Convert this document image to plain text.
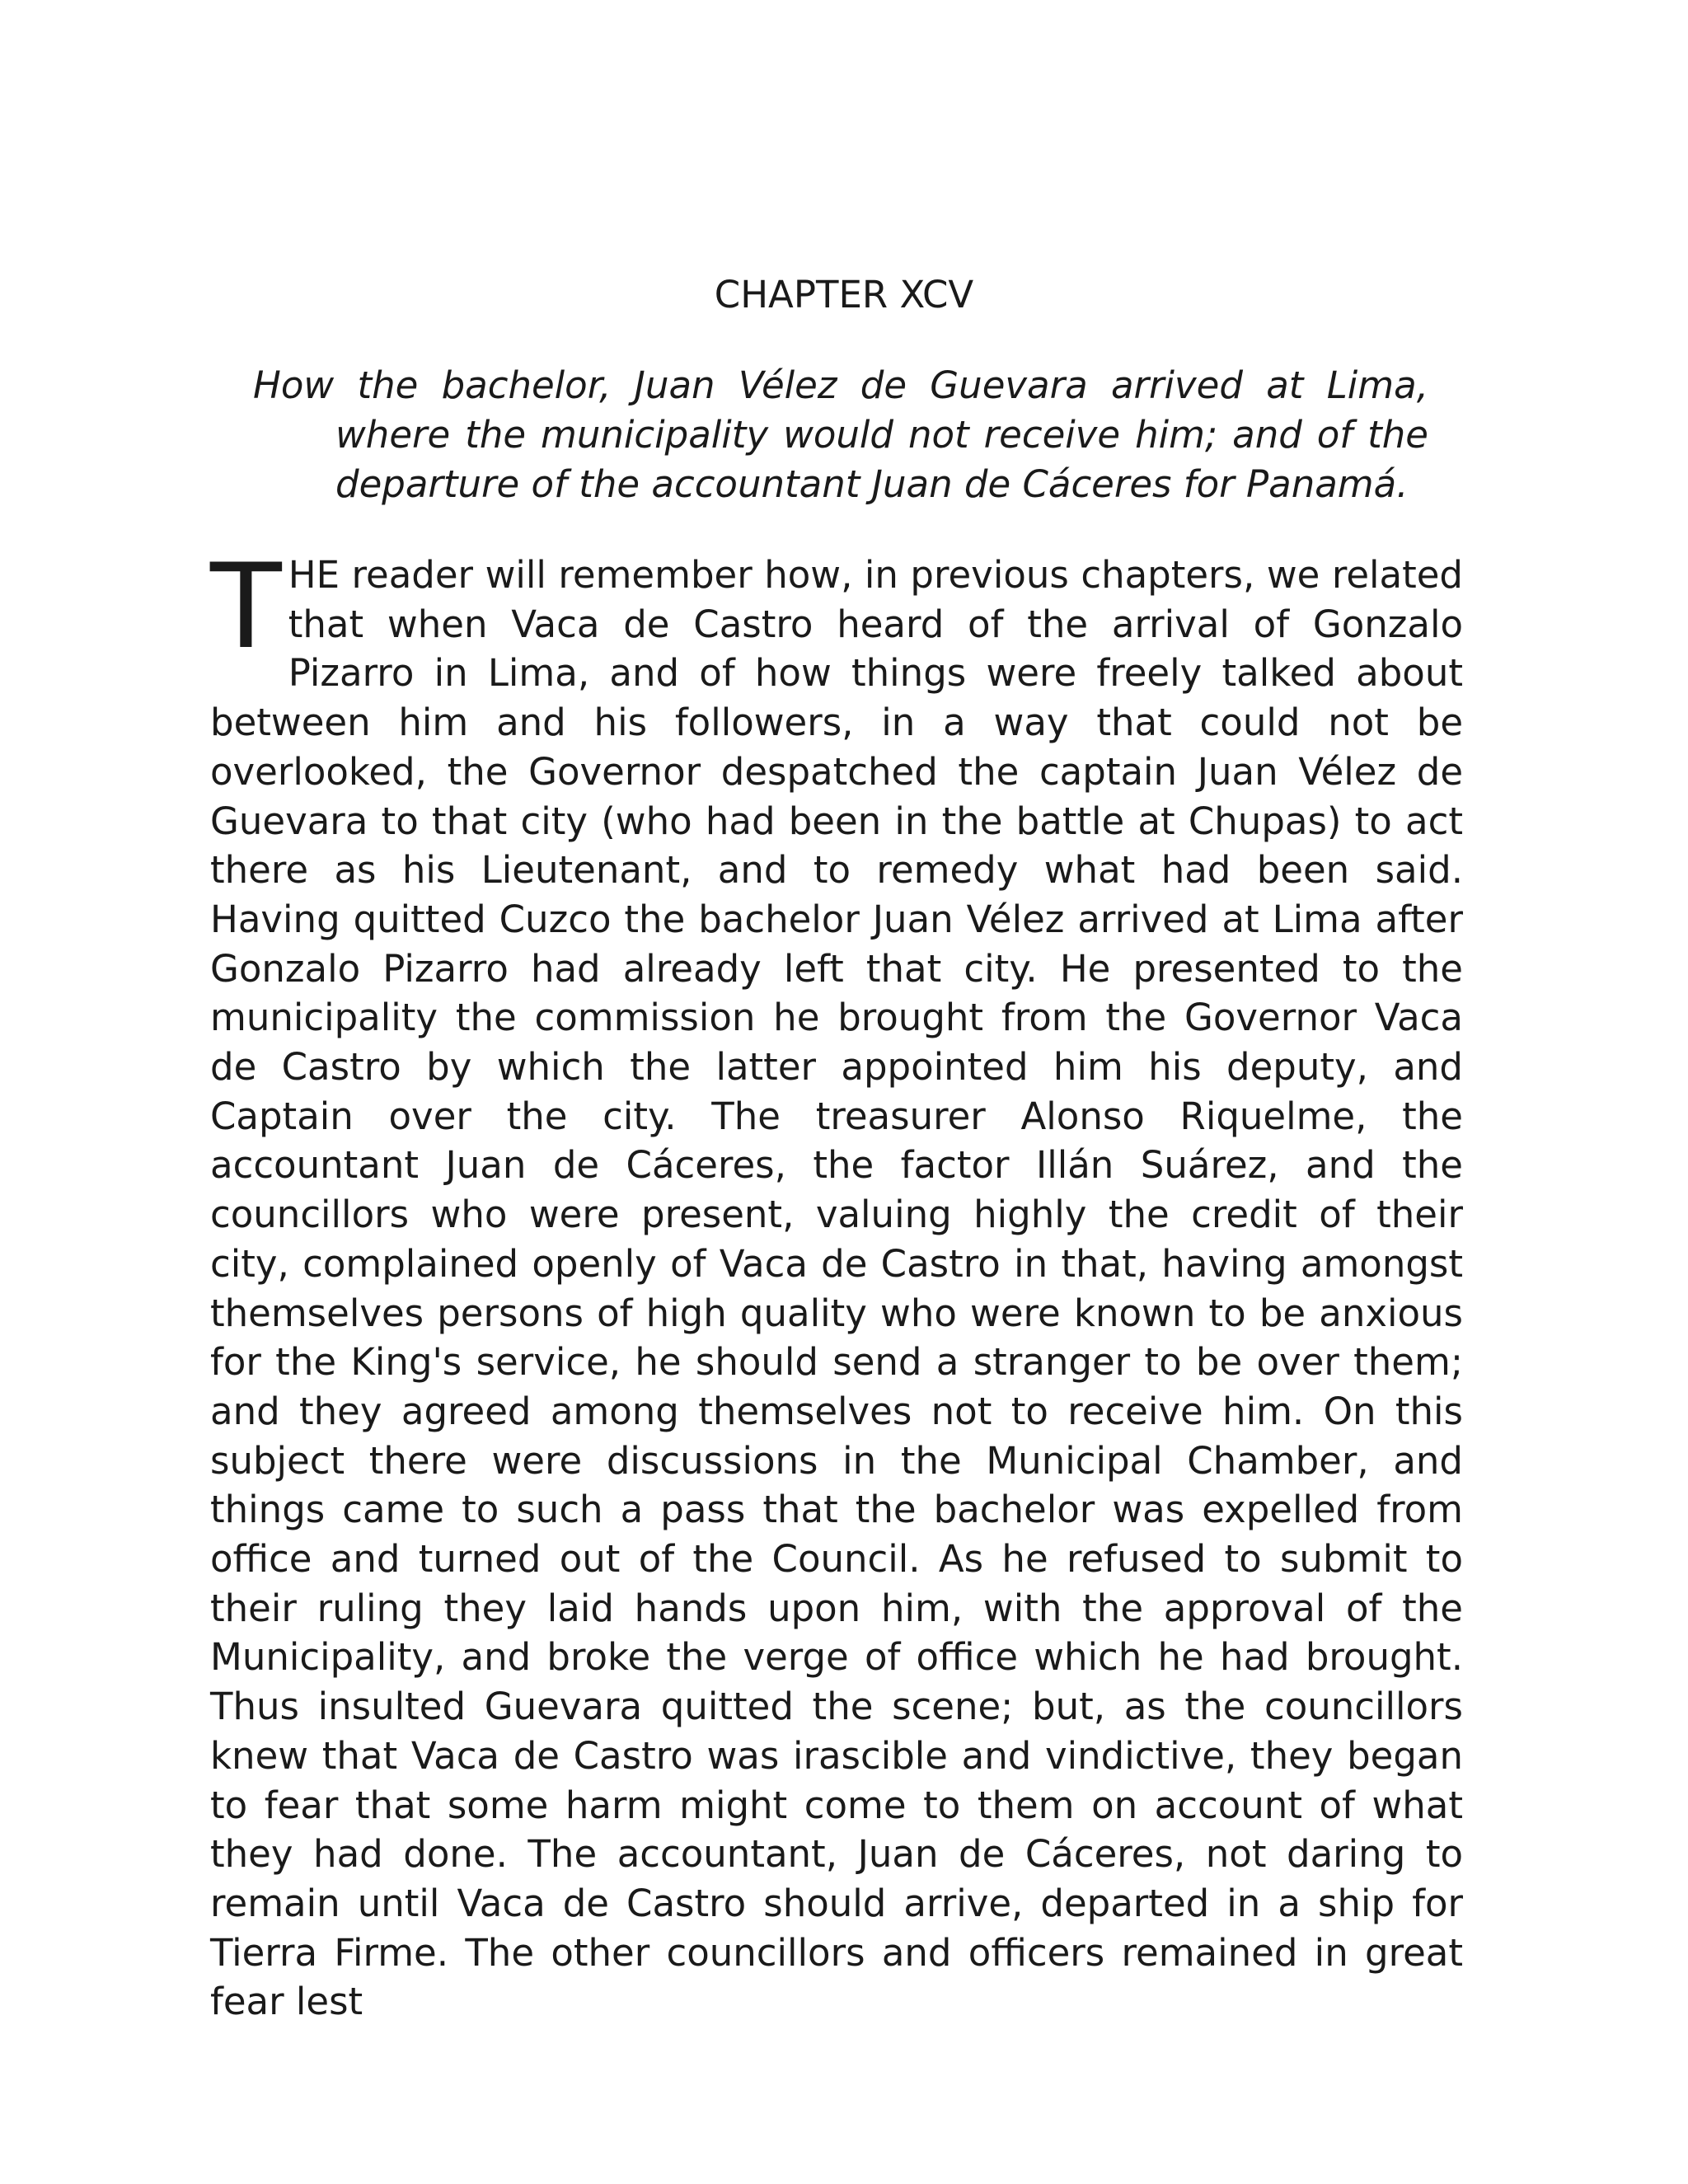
CHAPTER XCV

How the bachelor, Juan Vélez de Guevara arrived at Lima, where the municipality would not receive him; and of the departure of the accountant Juan de Cáceres for Panamá.

THE reader will remember how, in previous chapters, we related that when Vaca de Castro heard of the arrival of Gonzalo Pizarro in Lima, and of how things were freely talked about between him and his followers, in a way that could not be overlooked, the Governor despatched the captain Juan Vélez de Guevara to that city (who had been in the battle at Chupas) to act there as his Lieutenant, and to remedy what had been said. Having quitted Cuzco the bachelor Juan Vélez arrived at Lima after Gonzalo Pizarro had already left that city. He presented to the municipality the commission he brought from the Governor Vaca de Castro by which the latter appointed him his deputy, and Captain over the city. The treasurer Alonso Riquelme, the accountant Juan de Cáceres, the factor Illán Suárez, and the councillors who were present, valuing highly the credit of their city, complained openly of Vaca de Castro in that, having amongst themselves persons of high quality who were known to be anxious for the King's service, he should send a stranger to be over them; and they agreed among themselves not to receive him. On this subject there were discussions in the Municipal Chamber, and things came to such a pass that the bachelor was expelled from office and turned out of the Council. As he refused to submit to their ruling they laid hands upon him, with the approval of the Municipality, and broke the verge of office which he had brought. Thus insulted Guevara quitted the scene; but, as the councillors knew that Vaca de Castro was irascible and vindictive, they began to fear that some harm might come to them on account of what they had done. The accountant, Juan de Cáceres, not daring to remain until Vaca de Castro should arrive, departed in a ship for Tierra Firme. The other councillors and officers remained in great fear lest
